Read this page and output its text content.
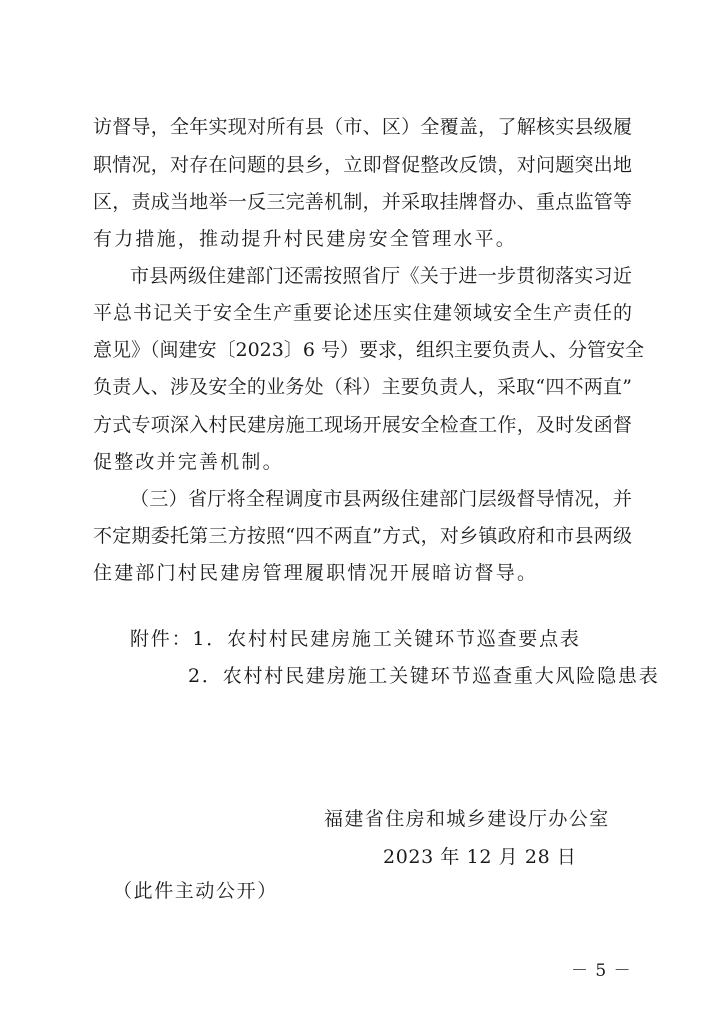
访督导，全年实现对所有县（市、区）全覆盖，了解核实县级履
职情况，对存在问题的县乡，立即督促整改反馈，对问题突出地
区，责成当地举一反三完善机制，并采取挂牌督办、重点监管等
有力措施，推动提升村民建房安全管理水平。
市县两级住建部门还需按照省厅《关于进一步贯彻落实习近
平总书记关于安全生产重要论述压实住建领域安全生产责任的
意见》（闽建安〔2023〕6 号）要求，组织主要负责人、分管安全
负责人、涉及安全的业务处（科）主要负责人，采取“四不两直”
方式专项深入村民建房施工现场开展安全检查工作，及时发函督
促整改并完善机制。
（三）省厅将全程调度市县两级住建部门层级督导情况，并
不定期委托第三方按照“四不两直”方式，对乡镇政府和市县两级
住建部门村民建房管理履职情况开展暗访督导。
附件：1．农村村民建房施工关键环节巡查要点表
2．农村村民建房施工关键环节巡查重大风险隐患表
福建省住房和城乡建设厅办公室
2023 年 12 月 28 日
（此件主动公开）
－ 5 －
